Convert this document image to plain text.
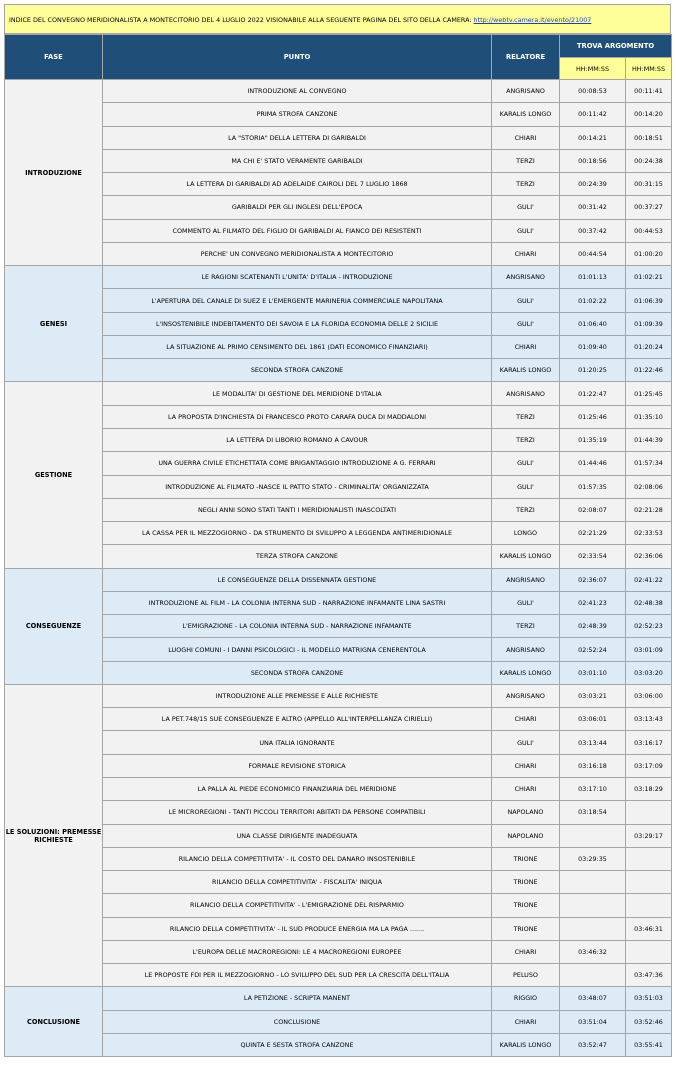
INDICE DEL CONVEGNO MERIDIONALISTA A MONTECITORIO DEL 4 LUGLIO 2022 VISIONABILE ALLA SEGUENTE PAGINA DEL SITO DELLA CAMERA: http://webtv.camera.it/evento/21007
FASE	PUNTO	RELATORE	TROVA ARGOMENTO	
			HH:MM:SS	HH:MM:SS
INTRODUZIONE	INTRODUZIONE AL CONVEGNO	ANGRISANO	00:08:53	00:11:41
	PRIMA STROFA CANZONE	KARALIS LONGO	00:11:42	00:14:20
	LA "STORIA" DELLA LETTERA DI GARIBALDI	CHIARI	00:14:21	00:18:51
	MA CHI E' STATO VERAMENTE GARIBALDI	TERZI	00:18:56	00:24:38
	LA LETTERA DI GARIBALDI AD ADELAIDE CAIROLI DEL 7 LUGLIO 1868	TERZI	00:24:39	00:31:15
	GARIBALDI PER GLI INGLESI DELL'EPOCA	GULI'	00:31:42	00:37:27
	COMMENTO AL FILMATO DEL FIGLIO DI GARIBALDI AL FIANCO DEI RESISTENTI	GULI'	00:37:42	00:44:53
	PERCHE' UN CONVEGNO MERIDIONALISTA A MONTECITORIO	CHIARI	00:44:54	01:00:20
GENESI	LE RAGIONI SCATENANTI L'UNITA' D'ITALIA - INTRODUZIONE	ANGRISANO	01:01:13	01:02:21
	L'APERTURA DEL CANALE DI SUEZ E L'EMERGENTE MARINERIA COMMERCIALE NAPOLITANA	GULI'	01:02:22	01:06:39
	L'INSOSTENIBILE INDEBITAMENTO DEI SAVOIA E LA FLORIDA ECONOMIA DELLE 2 SICILIE	GULI'	01:06:40	01:09:39
	LA SITUAZIONE AL PRIMO CENSIMENTO DEL 1861 (DATI ECONOMICO FINANZIARI)	CHIARI	01:09:40	01:20:24
	SECONDA STROFA CANZONE	KARALIS LONGO	01:20:25	01:22:46
GESTIONE	LE MODALITA' DI GESTIONE DEL MERIDIONE D'ITALIA	ANGRISANO	01:22:47	01:25:45
	LA PROPOSTA D'INCHIESTA DI FRANCESCO PROTO CARAFA DUCA DI MADDALONI	TERZI	01:25:46	01:35:10
	LA LETTERA DI LIBORIO ROMANO A CAVOUR	TERZI	01:35:19	01:44:39
	UNA GUERRA CIVILE ETICHETTATA COME BRIGANTAGGIO INTRODUZIONE A G. FERRARI	GULI'	01:44:46	01:57:34
	INTRODUZIONE AL FILMATO -NASCE IL PATTO STATO - CRIMINALITA' ORGANIZZATA	GULI'	01:57:35	02:08:06
	NEGLI ANNI SONO STATI TANTI I MERIDIONALISTI INASCOLTATI	TERZI	02:08:07	02:21:28
	LA CASSA PER IL MEZZOGIORNO - DA STRUMENTO DI SVILUPPO A LEGGENDA ANTIMERIDIONALE	LONGO	02:21:29	02:33:53
	TERZA STROFA CANZONE	KARALIS LONGO	02:33:54	02:36:06
CONSEGUENZE	LE CONSEGUENZE DELLA DISSENNATA GESTIONE	ANGRISANO	02:36:07	02:41:22
	INTRODUZIONE AL FILM - LA COLONIA INTERNA SUD - NARRAZIONE INFAMANTE LINA SASTRI	GULI'	02:41:23	02:48:38
	L'EMIGRAZIONE - LA COLONIA INTERNA SUD - NARRAZIONE INFAMANTE	TERZI	02:48:39	02:52:23
	LUOGHI COMUNI - I DANNI PSICOLOGICI - IL MODELLO MATRIGNA CENERENTOLA	ANGRISANO	02:52:24	03:01:09
	SECONDA STROFA CANZONE	KARALIS LONGO	03:01:10	03:03:20
LE SOLUZIONI: PREMESSE RICHIESTE	INTRODUZIONE ALLE PREMESSE E ALLE RICHIESTE	ANGRISANO	03:03:21	03:06:00
	LA PET.748/15 SUE CONSEGUENZE E ALTRO (APPELLO ALL'INTERPELLANZA CIRIELLI)	CHIARI	03:06:01	03:13:43
	UNA ITALIA IGNORANTE	GULI'	03:13:44	03:16:17
	FORMALE REVISIONE STORICA	CHIARI	03:16:18	03:17:09
	LA PALLA AL PIEDE ECONOMICO FINANZIARIA DEL MERIDIONE	CHIARI	03:17:10	03:18:29
	LE MICROREGIONI - TANTI PICCOLI TERRITORI ABITATI DA PERSONE COMPATIBILI	NAPOLANO	03:18:54	
	UNA CLASSE DIRIGENTE INADEGUATA	NAPOLANO		03:29:17
	RILANCIO DELLA COMPETITIVITA' - IL COSTO DEL DANARO INSOSTENIBILE	TRIONE	03:29:35	
	RILANCIO DELLA COMPETITIVITA' - FISCALITA' INIQUA	TRIONE		
	RILANCIO DELLA COMPETITIVITA' - L'EMIGRAZIONE DEL RISPARMIO	TRIONE		
	RILANCIO DELLA COMPETITIVITA' - IL SUD PRODUCE ENERGIA MA LA PAGA .......	TRIONE		03:46:31
	L'EUROPA DELLE MACROREGIONI: LE 4 MACROREGIONI EUROPEE	CHIARI	03:46:32	
	LE PROPOSTE FDI PER IL MEZZOGIORNO - LO SVILUPPO DEL SUD PER LA CRESCITA DELL'ITALIA	PELUSO		03:47:36
CONCLUSIONE	LA PETIZIONE - SCRIPTA MANENT	RIGGIO	03:48:07	03:51:03
	CONCLUSIONE	CHIARI	03:51:04	03:52:46
	QUINTA E SESTA STROFA CANZONE	KARALIS LONGO	03:52:47	03:55:41
